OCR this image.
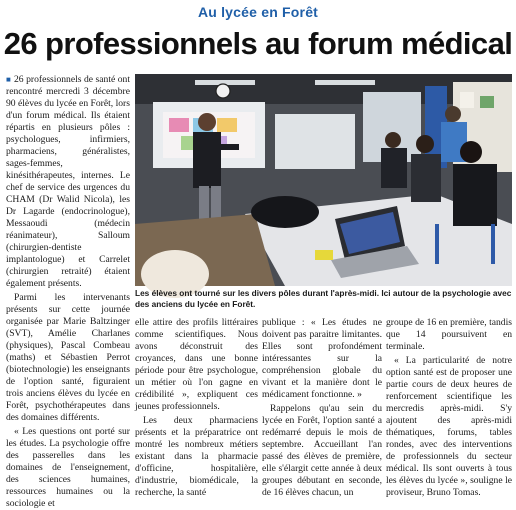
Au lycée en Forêt
26 professionnels au forum médical

■ 26 professionnels de santé ont rencontré mercredi 3 décembre 90 élèves du lycée en Forêt, lors d'un forum médical. Ils étaient répartis en plusieurs pôles : psychologues, infirmiers, pharmaciens, généralistes, sages-femmes, kinésithérapeutes, internes. Le chef de service des urgences du CHAM (Dr Walid Nicola), les Dr Lagarde (endocrinologue), Messaoudi (médecin réanimateur), Salloum (chirurgien-dentiste implantologue) et Carrelet (chirurgien retraité) étaient également présents.

Parmi les intervenants présents sur cette journée organisée par Marie Baltzinger (SVT), Amélie Charlanes (physiques), Pascal Combeau (maths) et Sébastien Perrot (biotechnologie) les enseignants de l'option santé, figuraient trois anciens élèves du lycée en Forêt, psychothérapeutes dans des domaines différents.

« Les questions ont porté sur les études. La psychologie offre des passerelles dans les domaines de l'enseignement, des sciences humaines, ressources humaines ou la sociologie et

Les élèves ont tourné sur les divers pôles durant l'après-midi. Ici autour de la psychologie avec des anciens du lycée en Forêt.

elle attire des profils littéraires comme scientifiques. Nous avons déconstruit des croyances, dans une bonne période pour être psychologue, un métier où l'on gagne en crédibilité », expliquent ces jeunes professionnels.

Les deux pharmaciens présents et la préparatrice ont montré les nombreux métiers existant dans la pharmacie d'officine, hospitalière, d'industrie, biomédicale, la recherche, la santé

publique : « Les études ne doivent pas paraitre limitantes. Elles sont profondément intéressantes sur la compréhension globale du vivant et la manière dont le médicament fonctionne. »

Rappelons qu'au sein du lycée en Forêt, l'option santé a redémarré depuis le mois de septembre. Accueillant l'an passé des élèves de première, elle s'élargit cette année à deux groupes débutant en seconde, de 16 élèves chacun, un

groupe de 16 en première, tandis que 14 poursuivent en terminale.

« La particularité de notre option santé est de proposer une partie cours de deux heures de renforcement scientifique les mercredis après-midi. S'y ajoutent des après-midi thématiques, forums, tables rondes, avec des interventions de professionnels du secteur médical. Ils sont ouverts à tous les élèves du lycée », souligne le proviseur, Bruno Tomas.
